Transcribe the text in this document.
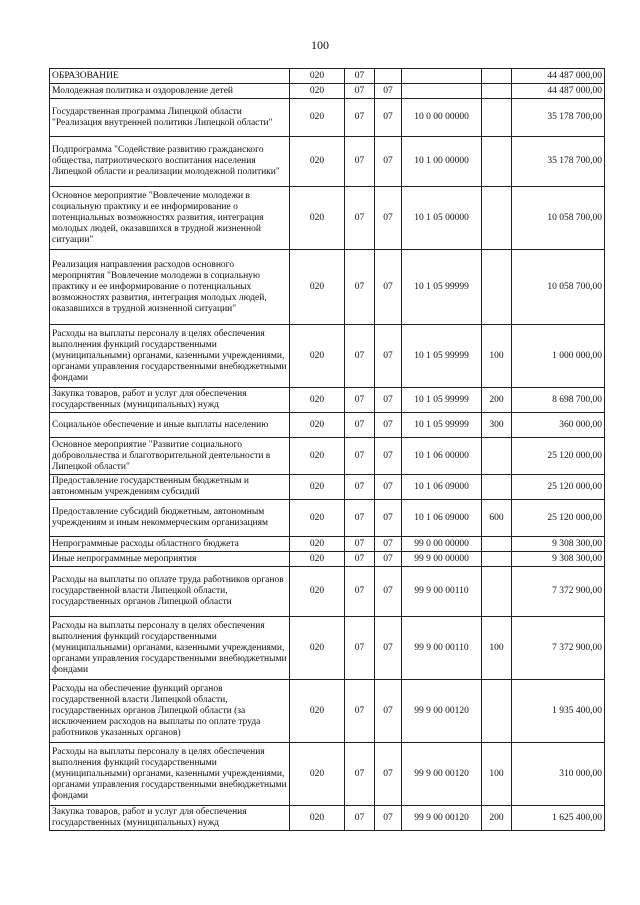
100
ОБРАЗОВАНИЕ	020	07				44 487 000,00
Молодежная политика и оздоровление детей	020	07	07			44 487 000,00
Государственная программа Липецкой области "Реализация внутренней политики Липецкой области"	020	07	07	10 0 00 00000		35 178 700,00
Подпрограмма "Содействие развитию гражданского общества, патриотического воспитания населения Липецкой области и реализации молодежной политики"	020	07	07	10 1 00 00000		35 178 700,00
Основное мероприятие "Вовлечение молодежи в социальную практику и ее информирование о потенциальных возможностях развития, интеграция молодых людей, оказавшихся в трудной жизненной ситуации"	020	07	07	10 1 05 00000		10 058 700,00
Реализация направления расходов основного мероприятия "Вовлечение молодежи в социальную практику и ее информирование о потенциальных возможностях развития, интеграция молодых людей, оказавшихся в трудной жизненной ситуации"	020	07	07	10 1 05 99999		10 058 700,00
Расходы на выплаты персоналу в целях обеспечения выполнения функций государственными (муниципальными) органами, казенными учреждениями, органами управления государственными внебюджетными фондами	020	07	07	10 1 05 99999	100	1 000 000,00
Закупка товаров, работ и услуг для обеспечения государственных (муниципальных) нужд	020	07	07	10 1 05 99999	200	8 698 700,00
Социальное обеспечение и иные выплаты населению	020	07	07	10 1 05 99999	300	360 000,00
Основное мероприятие "Развитие социального добровольчества и благотворительной деятельности в Липецкой области"	020	07	07	10 1 06 00000		25 120 000,00
Предоставление государственным бюджетным и автономным учреждениям субсидий	020	07	07	10 1 06 09000		25 120 000,00
Предоставление субсидий бюджетным, автономным учреждениям и иным некоммерческим организациям	020	07	07	10 1 06 09000	600	25 120 000,00
Непрограммные расходы областного бюджета	020	07	07	99 0 00 00000		9 308 300,00
Иные непрограммные мероприятия	020	07	07	99 9 00 00000		9 308 300,00
Расходы на выплаты по оплате труда работников органов государственной власти Липецкой области, государственных органов Липецкой области	020	07	07	99 9 00 00110		7 372 900,00
Расходы на выплаты персоналу в целях обеспечения выполнения функций государственными (муниципальными) органами, казенными учреждениями, органами управления государственными внебюджетными фондами	020	07	07	99 9 00 00110	100	7 372 900,00
Расходы на обеспечение функций органов государственной власти Липецкой области, государственных органов Липецкой области (за исключением расходов на выплаты по оплате труда работников указанных органов)	020	07	07	99 9 00 00120		1 935 400,00
Расходы на выплаты персоналу в целях обеспечения выполнения функций государственными (муниципальными) органами, казенными учреждениями, органами управления государственными внебюджетными фондами	020	07	07	99 9 00 00120	100	310 000,00
Закупка товаров, работ и услуг для обеспечения государственных (муниципальных) нужд	020	07	07	99 9 00 00120	200	1 625 400,00
